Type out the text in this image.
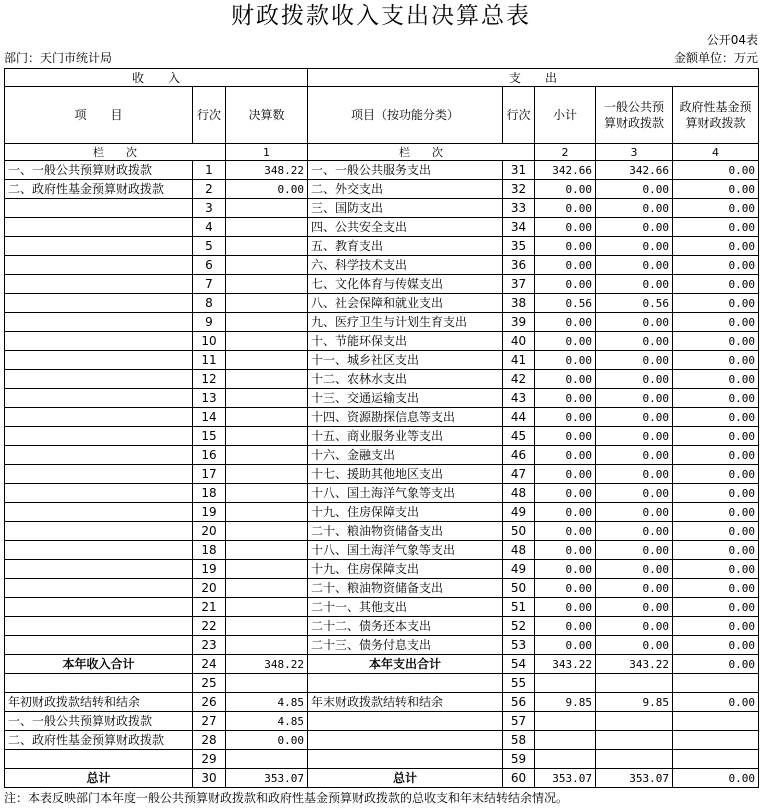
财政拨款收入支出决算总表
公开04表
部门：天门市统计局	金额单位：万元
收　　入			支　　出				
项　　目	行次	决算数	项目（按功能分类）	行次	小计	一般公共预算财政拨款	政府性基金预算财政拨款
栏　　次		1	栏　　次		2	3	4
一、一般公共预算财政拨款	1	348.22	一、一般公共服务支出	31	342.66	342.66	0.00
二、政府性基金预算财政拨款	2	0.00	二、外交支出	32	0.00	0.00	0.00
	3		三、国防支出	33	0.00	0.00	0.00
	4		四、公共安全支出	34	0.00	0.00	0.00
	5		五、教育支出	35	0.00	0.00	0.00
	6		六、科学技术支出	36	0.00	0.00	0.00
	7		七、文化体育与传媒支出	37	0.00	0.00	0.00
	8		八、社会保障和就业支出	38	0.56	0.56	0.00
	9		九、医疗卫生与计划生育支出	39	0.00	0.00	0.00
	10		十、节能环保支出	40	0.00	0.00	0.00
	11		十一、城乡社区支出	41	0.00	0.00	0.00
	12		十二、农林水支出	42	0.00	0.00	0.00
	13		十三、交通运输支出	43	0.00	0.00	0.00
	14		十四、资源勘探信息等支出	44	0.00	0.00	0.00
	15		十五、商业服务业等支出	45	0.00	0.00	0.00
	16		十六、金融支出	46	0.00	0.00	0.00
	17		十七、援助其他地区支出	47	0.00	0.00	0.00
	18		十八、国土海洋气象等支出	48	0.00	0.00	0.00
	19		十九、住房保障支出	49	0.00	0.00	0.00
	20		二十、粮油物资储备支出	50	0.00	0.00	0.00
	18		十八、国土海洋气象等支出	48	0.00	0.00	0.00
	19		十九、住房保障支出	49	0.00	0.00	0.00
	20		二十、粮油物资储备支出	50	0.00	0.00	0.00
	21		二十一、其他支出	51	0.00	0.00	0.00
	22		二十二、债务还本支出	52	0.00	0.00	0.00
	23		二十三、债务付息支出	53	0.00	0.00	0.00
本年收入合计	24	348.22	本年支出合计	54	343.22	343.22	0.00
	25			55			
年初财政拨款结转和结余	26	4.85	年末财政拨款结转和结余	56	9.85	9.85	0.00
一、一般公共预算财政拨款	27	4.85		57			
二、政府性基金预算财政拨款	28	0.00		58			
	29			59			
总计	30	353.07	总计	60	353.07	353.07	0.00
注：本表反映部门本年度一般公共预算财政拨款和政府性基金预算财政拨款的总收支和年末结转结余情况。
